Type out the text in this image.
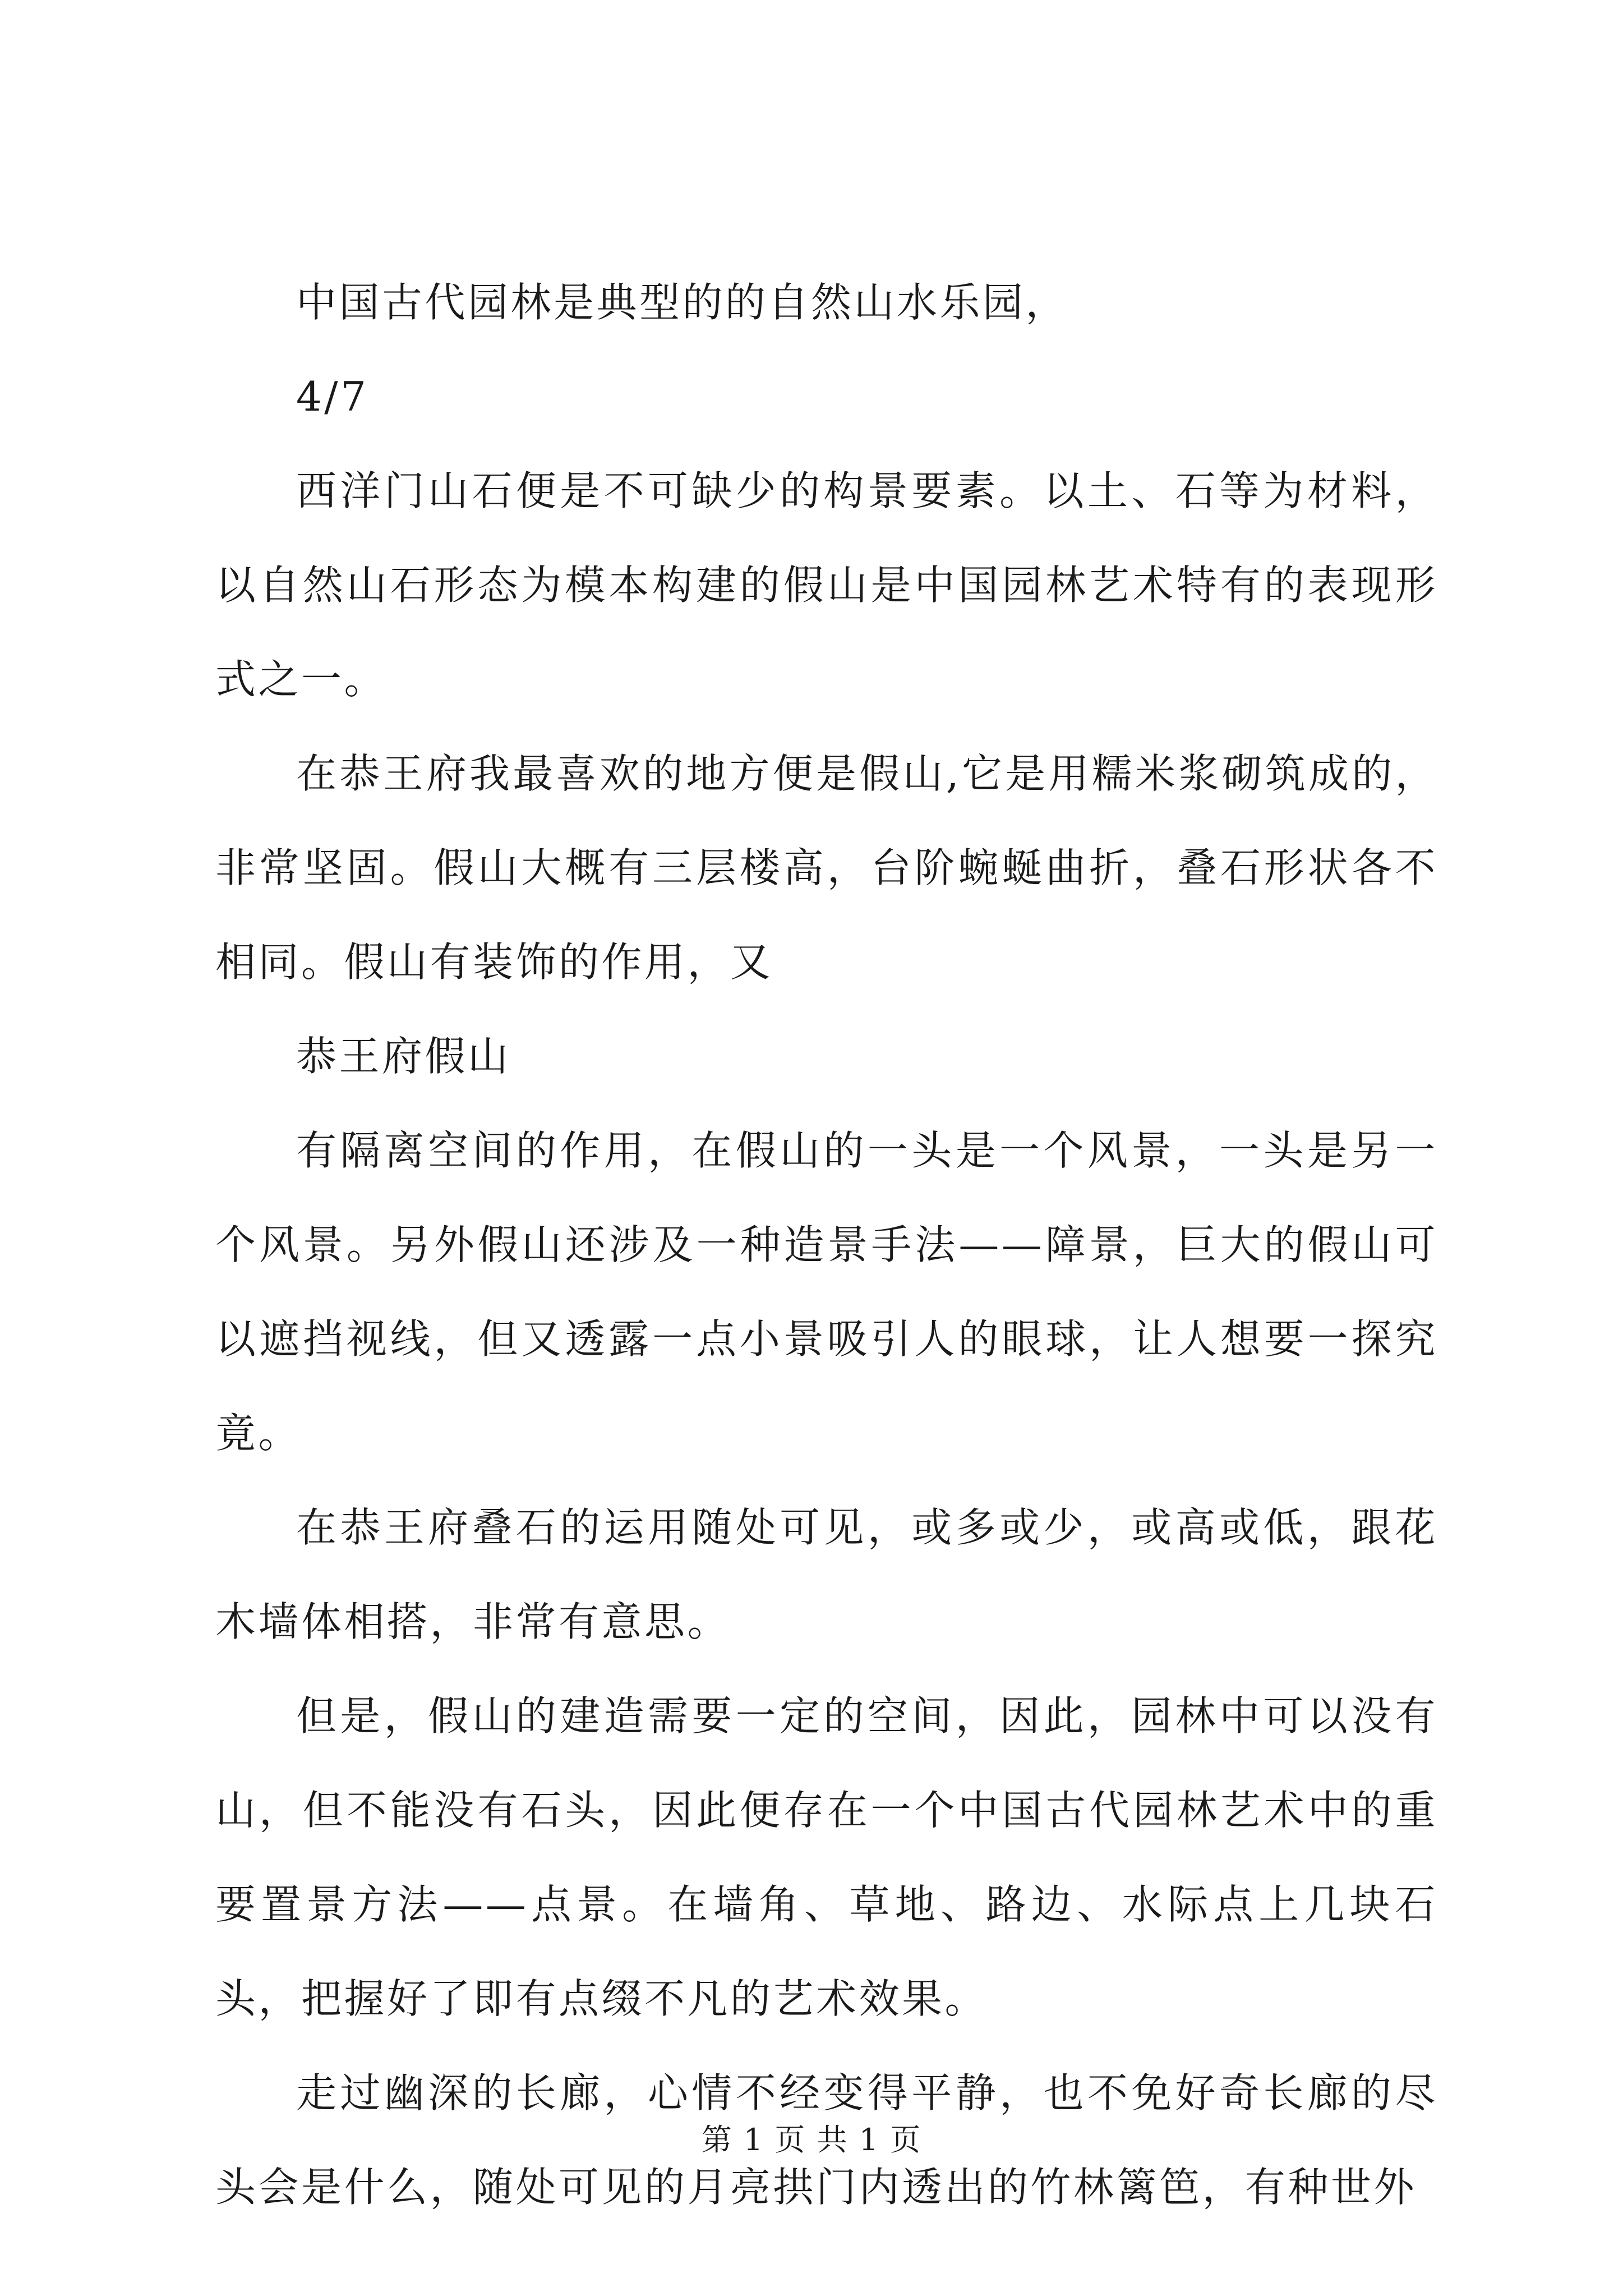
中国古代园林是典型的的自然山水乐园，

4/7

西洋门山石便是不可缺少的构景要素。以土、石等为材料，以自然山石形态为模本构建的假山是中国园林艺术特有的表现形式之一。

在恭王府我最喜欢的地方便是假山,它是用糯米浆砌筑成的，非常坚固。假山大概有三层楼高，台阶蜿蜒曲折，叠石形状各不相同。假山有装饰的作用，又

恭王府假山

有隔离空间的作用，在假山的一头是一个风景，一头是另一个风景。另外假山还涉及一种造景手法——障景，巨大的假山可以遮挡视线，但又透露一点小景吸引人的眼球，让人想要一探究竟。

在恭王府叠石的运用随处可见，或多或少，或高或低，跟花木墙体相搭，非常有意思。

但是，假山的建造需要一定的空间，因此，园林中可以没有山，但不能没有石头，因此便存在一个中国古代园林艺术中的重要置景方法——点景。在墙角、草地、路边、水际点上几块石头，把握好了即有点缀不凡的艺术效果。

走过幽深的长廊，心情不经变得平静，也不免好奇长廊的尽头会是什么，随处可见的月亮拱门内透出的竹林篱笆，有种世外

第 1 页 共 1 页
